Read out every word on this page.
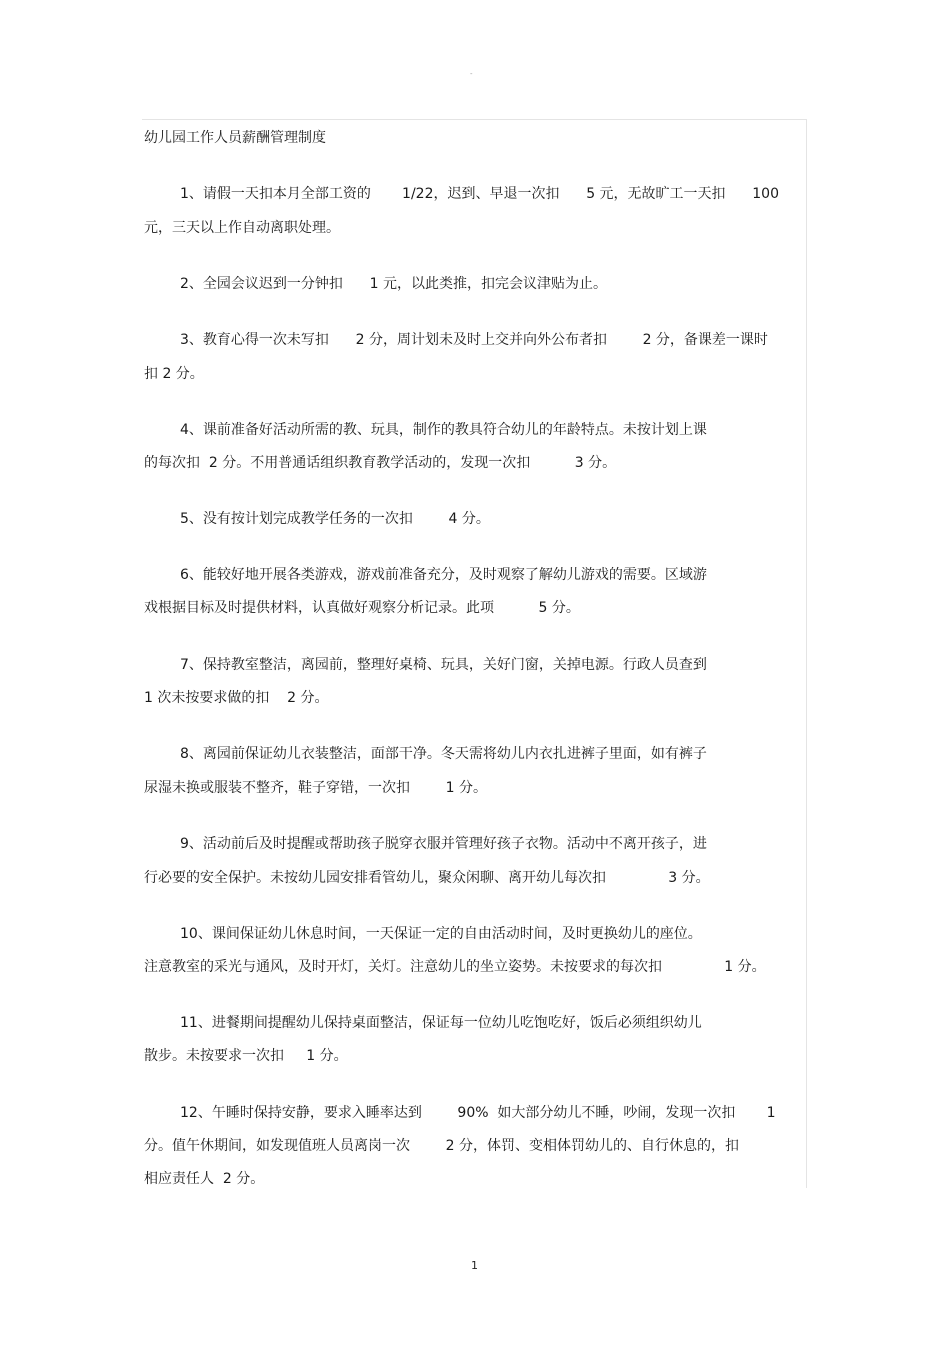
-
幼儿园工作人员薪酬管理制度
1、请假一天扣本月全部工资的       1/22，迟到、早退一次扣      5 元，无故旷工一天扣      100
元，三天以上作自动离职处理。
2、全园会议迟到一分钟扣      1 元，以此类推，扣完会议津贴为止。
3、教育心得一次未写扣      2 分，周计划未及时上交并向外公布者扣        2 分，备课差一课时
扣 2 分。
4、课前准备好活动所需的教、玩具，制作的教具符合幼儿的年龄特点。未按计划上课
的每次扣  2 分。不用普通话组织教育教学活动的，发现一次扣          3 分。
5、没有按计划完成教学任务的一次扣        4 分。
6、能较好地开展各类游戏，游戏前准备充分，及时观察了解幼儿游戏的需要。区域游
戏根据目标及时提供材料，认真做好观察分析记录。此项          5 分。
7、保持教室整洁，离园前，整理好桌椅、玩具，关好门窗，关掉电源。行政人员查到
1 次未按要求做的扣    2 分。
8、离园前保证幼儿衣装整洁，面部干净。冬天需将幼儿内衣扎进裤子里面，如有裤子
尿湿未换或服装不整齐，鞋子穿错，一次扣        1 分。
9、活动前后及时提醒或帮助孩子脱穿衣服并管理好孩子衣物。活动中不离开孩子，进
行必要的安全保护。未按幼儿园安排看管幼儿，聚众闲聊、离开幼儿每次扣              3 分。
10、课间保证幼儿休息时间，一天保证一定的自由活动时间，及时更换幼儿的座位。
注意教室的采光与通风，及时开灯，关灯。注意幼儿的坐立姿势。未按要求的每次扣              1 分。
11、进餐期间提醒幼儿保持桌面整洁，保证每一位幼儿吃饱吃好，饭后必须组织幼儿
散步。未按要求一次扣     1 分。
12、午睡时保持安静，要求入睡率达到        90%  如大部分幼儿不睡，吵闹，发现一次扣       1
分。值午休期间，如发现值班人员离岗一次        2 分，体罚、变相体罚幼儿的、自行休息的，扣
相应责任人  2 分。
1
